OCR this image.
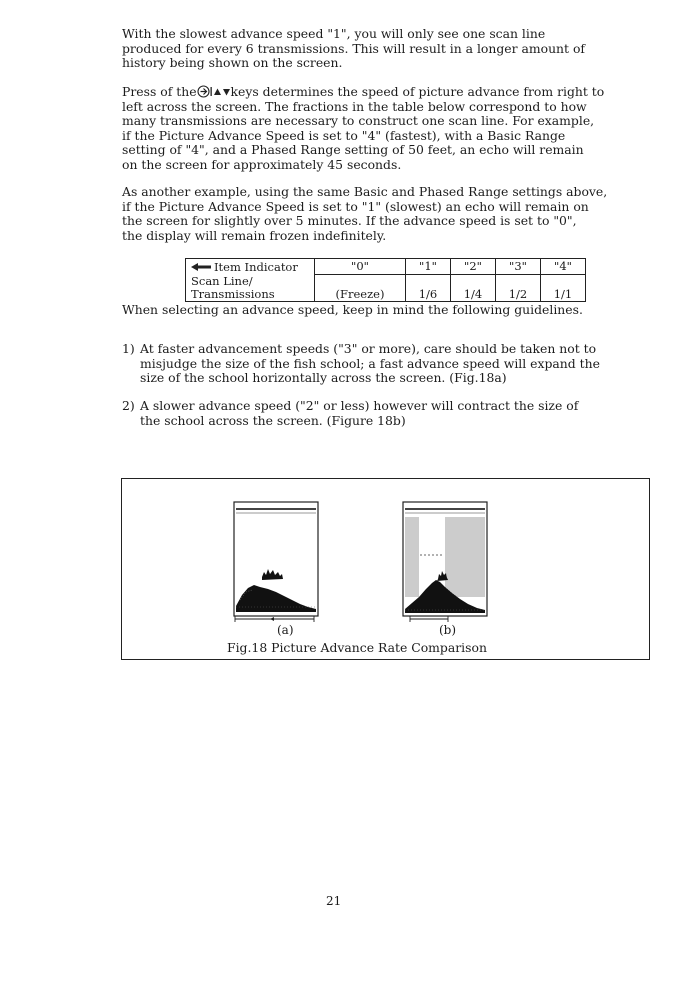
With the slowest advance speed "1", you will only see one scan line
produced for every 6 transmissions. This will result in a longer amount of
history being shown on the screen.
Press of the	keys determines the speed of picture advance from right to
left across the screen. The fractions in the table below correspond to how
many transmissions are necessary to construct one scan line. For example,
if the Picture Advance Speed is set to "4" (fastest), with a Basic Range
setting of "4", and a Phased Range setting of 50 feet, an echo will remain
on the screen for approximately 45 seconds.
As another example, using the same Basic and Phased Range settings above,
if the Picture Advance Speed is set to "1" (slowest) an echo will remain on
the screen for slightly over 5 minutes. If the advance speed is set to "0",
the display will remain frozen indefinitely.
Item Indicator	"0"	"1"	"2"	"3"	"4"

Scan Line/
Transmissions	(Freeze)	1/6	1/4	1/2	1/1

When selecting an advance speed, keep in mind the following guidelines.

1) At faster advancement speeds ("3" or more), care should be taken not to
misjudge the size of the fish school; a fast advance speed will expand the
size of the school horizontally across the screen. (Fig.18a)
2) A slower advance speed ("2" or less) however will contract the size of
the school across the screen. (Figure 18b)
(a)	(b)
Fig.18 Picture Advance Rate Comparison
21
